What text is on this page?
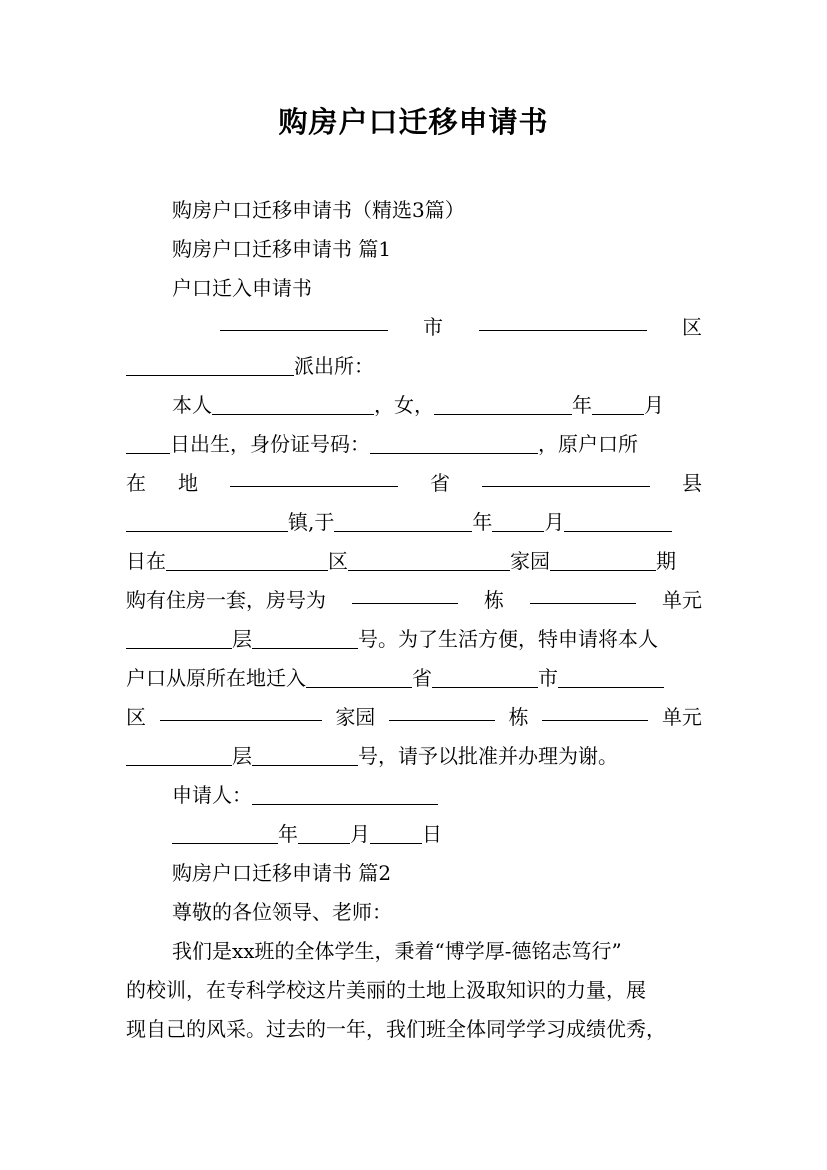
购房户口迁移申请书
购房户口迁移申请书（精选3篇）
购房户口迁移申请书 篇1
户口迁入申请书
市	区
派出所：
本人	，女，	年	月
日出生，身份证号码：	，原户口所
在 地	省	县
镇,于	年	月
日在	区	家园	期
购有住房一套，房号为	栋	单元
层	号。为了生活方便，特申请将本人
户口从原所在地迁入	省	市
区	家园	栋	单元
层	号，请予以批准并办理为谢。
申请人：
年	月	日
购房户口迁移申请书 篇2
尊敬的各位领导、老师：
我们是xx班的全体学生，秉着“博学厚-德铭志笃行”
的校训，在专科学校这片美丽的土地上汲取知识的力量，展
现自己的风采。过去的一年，我们班全体同学学习成绩优秀，
